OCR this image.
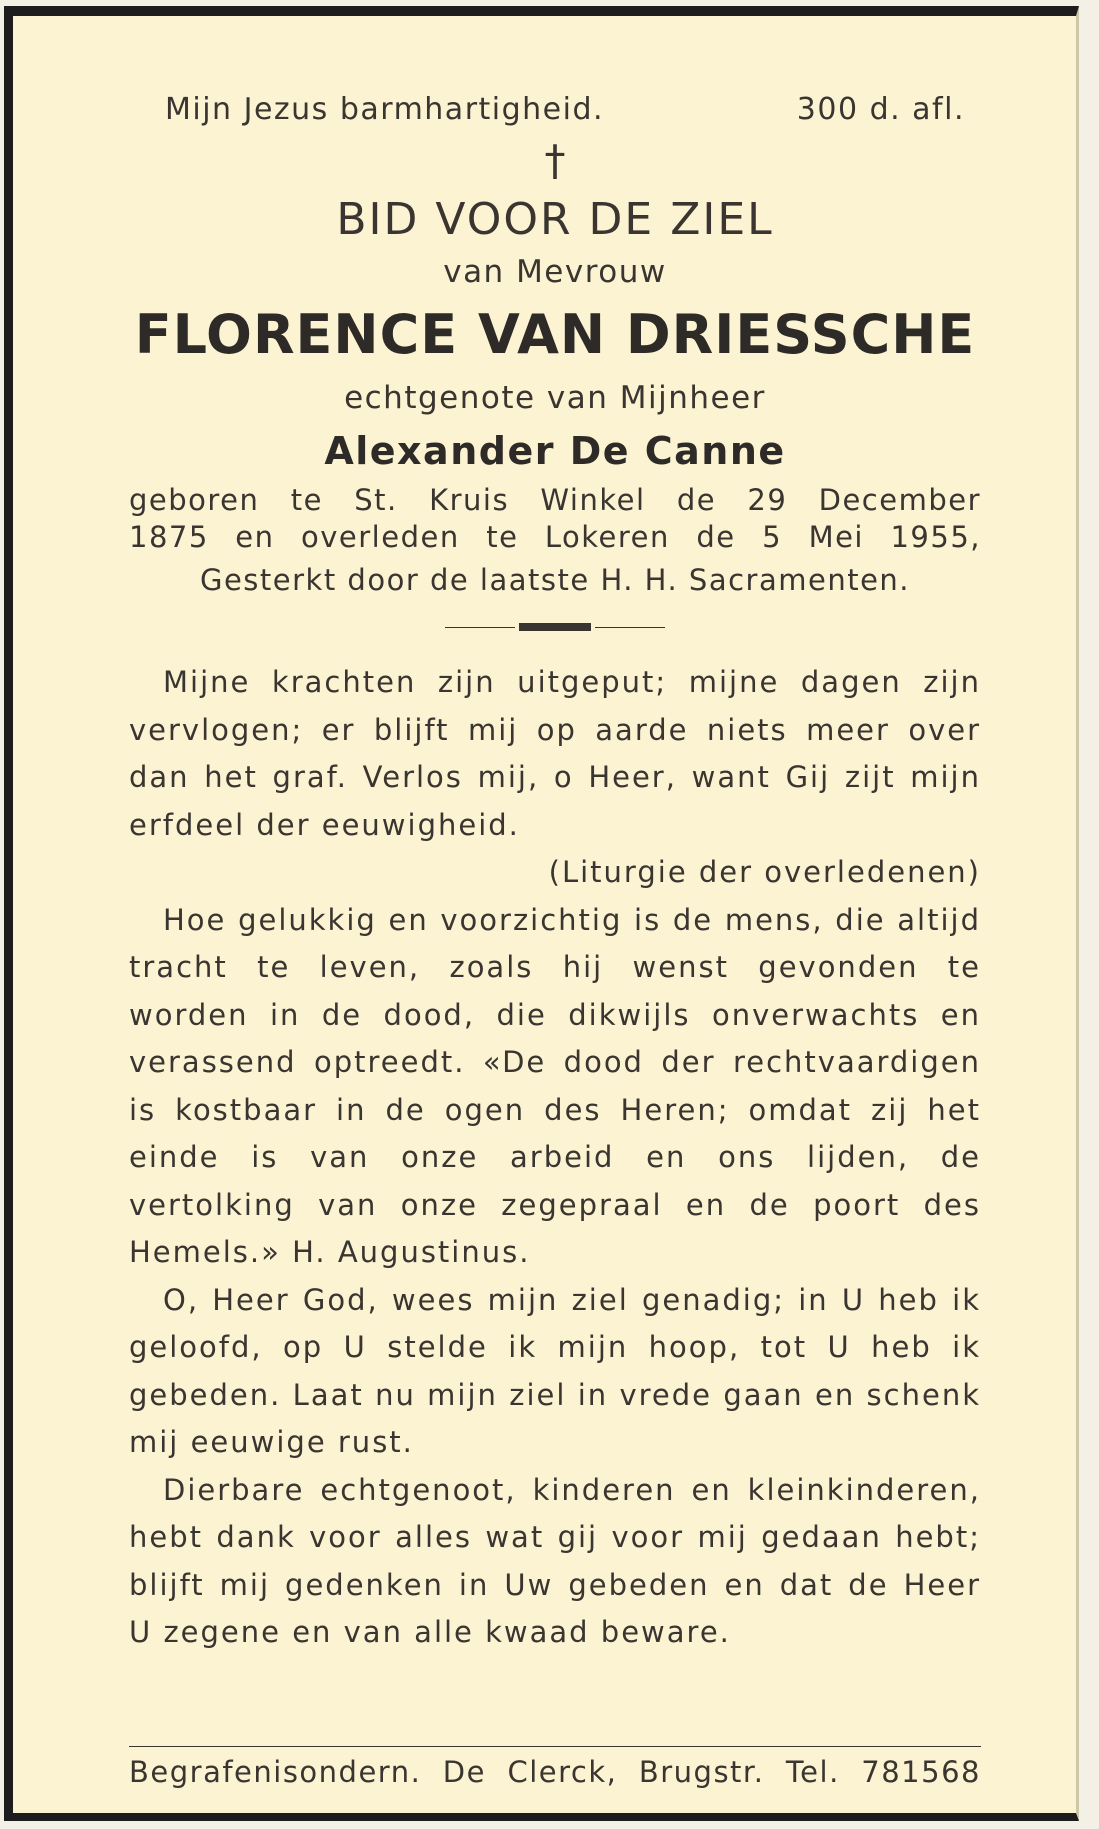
Mijn Jezus barmhartigheid.	300 d. afl.
†
BID VOOR DE ZIEL
van Mevrouw
FLORENCE VAN DRIESSCHE
echtgenote van Mijnheer
Alexander De Canne
geboren te St. Kruis Winkel de 29 December
1875 en overleden te Lokeren de 5 Mei 1955,
Gesterkt door de laatste H. H. Sacramenten.

Mijne krachten zijn uitgeput; mijne dagen zijn vervlogen; er blijft mij op aarde niets meer over dan het graf. Verlos mij, o Heer, want Gij zijt mijn erfdeel der eeuwigheid.

(Liturgie der overledenen)

Hoe gelukkig en voorzichtig is de mens, die altijd tracht te leven, zoals hij wenst gevonden te worden in de dood, die dikwijls onverwachts en verassend optreedt. «De dood der rechtvaardigen is kostbaar in de ogen des Heren; omdat zij het einde is van onze arbeid en ons lijden, de vertolking van onze zegepraal en de poort des Hemels.» H. Augustinus.

O, Heer God, wees mijn ziel genadig; in U heb ik geloofd, op U stelde ik mijn hoop, tot U heb ik gebeden. Laat nu mijn ziel in vrede gaan en schenk mij eeuwige rust.

Dierbare echtgenoot, kinderen en kleinkinderen, hebt dank voor alles wat gij voor mij gedaan hebt; blijft mij gedenken in Uw gebeden en dat de Heer U zegene en van alle kwaad beware.

Begrafenisondern. De Clerck, Brugstr. Tel. 781568
